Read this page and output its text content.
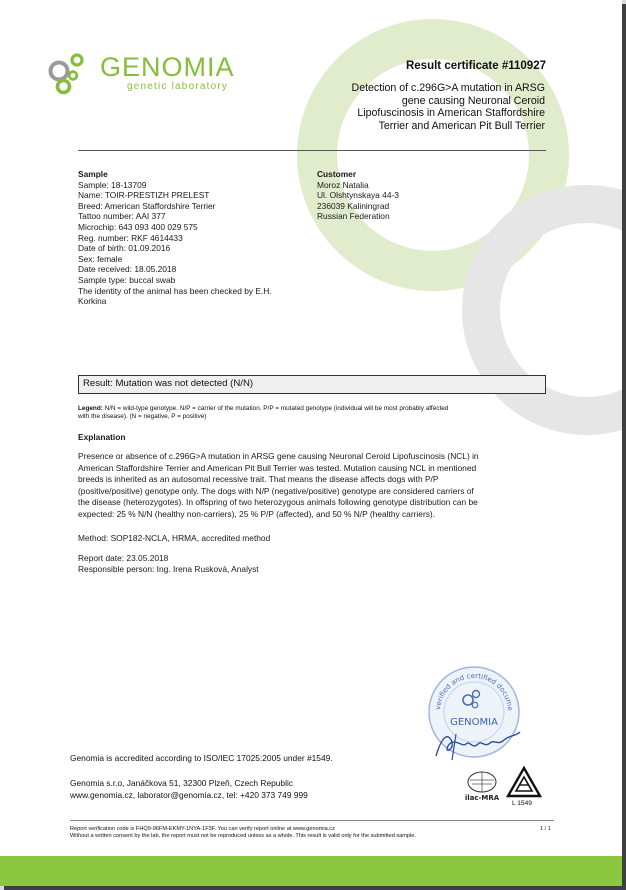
GENOMIA
genetic laboratory
Result certificate #110927
Detection of c.296G>A mutation in ARSG
gene causing Neuronal Ceroid
Lipofuscinosis in American Staffordshire
Terrier and American Pit Bull Terrier
Sample
Sample: 18-13709
Name: TOIR-PRESTIZH PRELEST
Breed: American Staffordshire Terrier
Tattoo number: AAI 377
Microchip: 643 093 400 029 575
Reg. number: RKF 4614433
Date of birth: 01.09.2016
Sex: female
Date received: 18.05.2018
Sample type: buccal swab
The identity of the animal has been checked by E.H.
Korkina
Customer
Moroz Natalia
Ul. Olshtynskaya 44-3
236039 Kaliningrad
Russian Federation
Result: Mutation was not detected (N/N)
Legend: N/N = wild-type genotype. N/P = carrier of the mutation. P/P = mutated genotype (individual will be most probably affected
with the disease). (N = negative, P = positive)
Explanation
Presence or absence of c.296G>A mutation in ARSG gene causing Neuronal Ceroid Lipofuscinosis (NCL) in
American Staffordshire Terrier and American Pit Bull Terrier was tested. Mutation causing NCL in mentioned
breeds is inherited as an autosomal recessive trait. That means the disease affects dogs with P/P
(positive/positive) genotype only. The dogs with N/P (negative/positive) genotype are considered carriers of
the disease (heterozygotes). In offspring of two heterozygous animals following genotype distribution can be
expected: 25 % N/N (healthy non-carriers), 25 % P/P (affected), and 50 % N/P (healthy carriers).
Method: SOP182-NCLA, HRMA, accredited method
Report date: 23.05.2018
Responsible person: Ing. Irena Rusková, Analyst
verified and certified docume
GENOMIA
Genomia is accredited according to ISO/IEC 17025:2005 under #1549.
Genomia s.r.o, Janáčkova 51, 32300 Plzeň, Czech Republic
www.genomia.cz, laborator@genomia.cz, tel: +420 373 749 999	ilac-MRA
L 1549
Report verification code is FHQ9-96FM-EKMY-1NYA-1F3F. You can verify report online at www.genomia.cz
Without a written consent by the lab, the report must not be reproduced unless as a whole. This result is valid only for the submitted sample.
1 / 1
